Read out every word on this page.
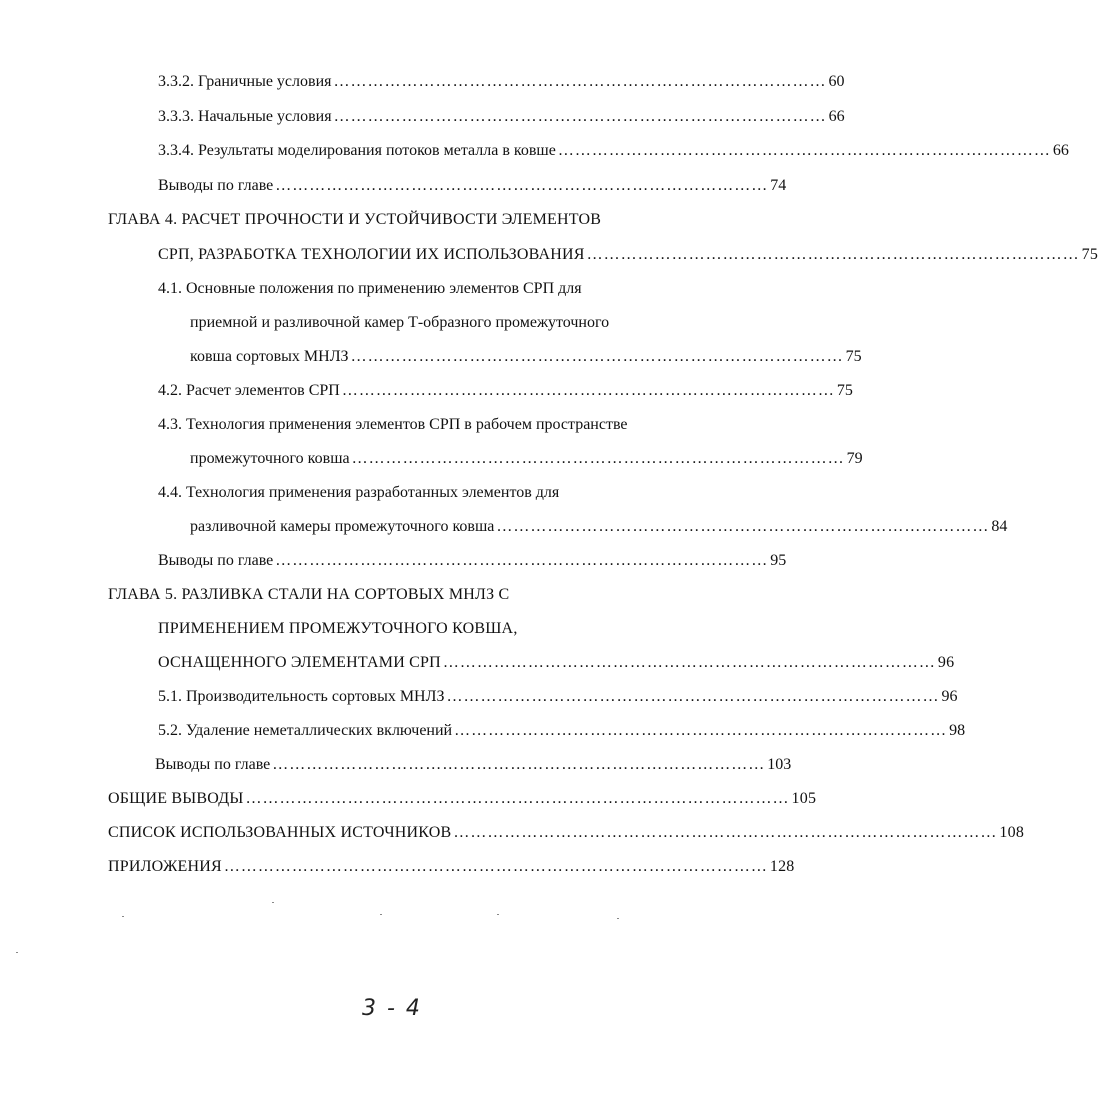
3.3.2. Граничные условия …………………………………………………………………………… 60
3.3.3. Начальные условия …………………………………………………………………………… 66
3.3.4. Результаты моделирования потоков металла в ковше …………………………………………………………………………… 66
Выводы по главе …………………………………………………………………………… 74
ГЛАВА 4. РАСЧЕТ ПРОЧНОСТИ И УСТОЙЧИВОСТИ ЭЛЕМЕНТОВ
СРП, РАЗРАБОТКА ТЕХНОЛОГИИ ИХ ИСПОЛЬЗОВАНИЯ …………………………………………………………………………… 75
4.1. Основные положения по применению элементов СРП для
приемной и разливочной камер Т-образного промежуточного
ковша сортовых МНЛЗ …………………………………………………………………………… 75
4.2. Расчет элементов СРП …………………………………………………………………………… 75
4.3. Технология применения элементов СРП в рабочем пространстве
промежуточного ковша …………………………………………………………………………… 79
4.4. Технология применения разработанных элементов для
разливочной камеры промежуточного ковша …………………………………………………………………………… 84
Выводы по главе …………………………………………………………………………… 95
ГЛАВА 5. РАЗЛИВКА СТАЛИ НА СОРТОВЫХ МНЛЗ С
ПРИМЕНЕНИЕМ ПРОМЕЖУТОЧНОГО КОВША,
ОСНАЩЕННОГО ЭЛЕМЕНТАМИ СРП …………………………………………………………………………… 96
5.1. Производительность сортовых МНЛЗ …………………………………………………………………………… 96
5.2. Удаление неметаллических включений …………………………………………………………………………… 98
Выводы по главе …………………………………………………………………………… 103
ОБЩИЕ ВЫВОДЫ …………………………………………………………………………………… 105
СПИСОК ИСПОЛЬЗОВАННЫХ ИСТОЧНИКОВ …………………………………………………………………………………… 108
ПРИЛОЖЕНИЯ …………………………………………………………………………………… 128
3 - 4
